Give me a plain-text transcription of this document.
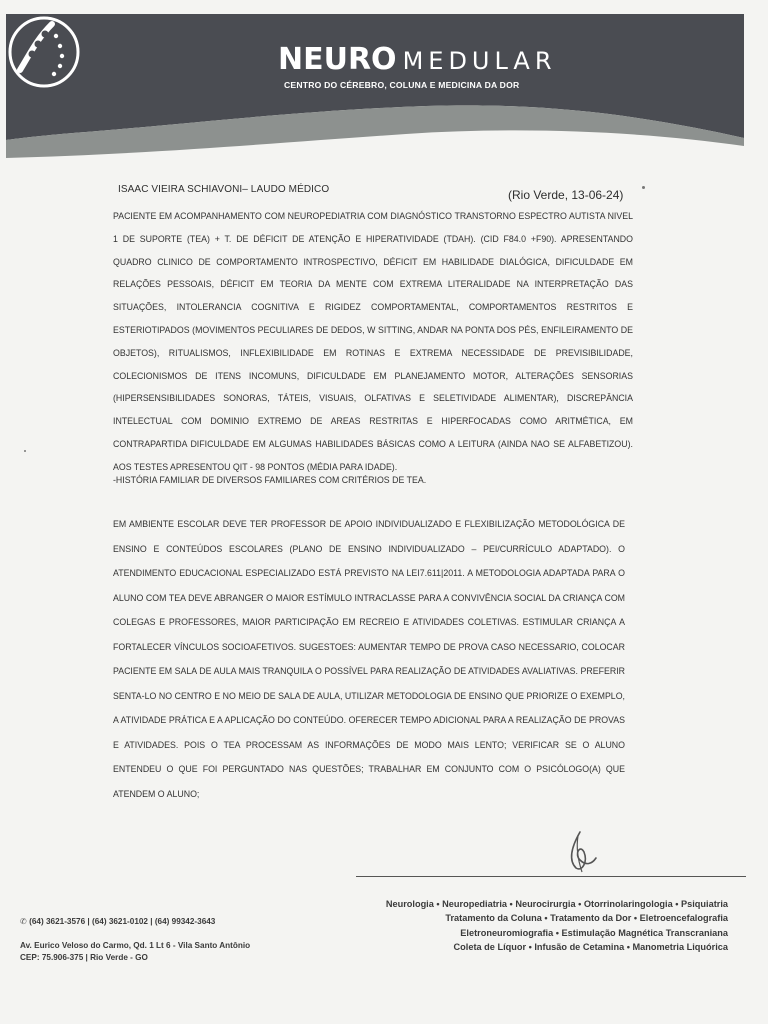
NEURO MEDULAR
CENTRO DO CÉREBRO, COLUNA E MEDICINA DA DOR
ISAAC VIEIRA SCHIAVONI– LAUDO MÉDICO	(Rio Verde, 13-06-24)
PACIENTE EM ACOMPANHAMENTO COM NEUROPEDIATRIA COM DIAGNÓSTICO TRANSTORNO ESPECTRO AUTISTA NIVEL 1 DE SUPORTE (TEA) + T. DE DÉFICIT DE ATENÇÃO E HIPERATIVIDADE (TDAH). (CID F84.0 +F90). APRESENTANDO QUADRO CLINICO DE COMPORTAMENTO INTROSPECTIVO, DÉFICIT EM HABILIDADE DIALÓGICA, DIFICULDADE EM RELAÇÕES PESSOAIS, DÉFICIT EM TEORIA DA MENTE COM EXTREMA LITERALIDADE NA INTERPRETAÇÃO DAS SITUAÇÕES, INTOLERANCIA COGNITIVA E RIGIDEZ COMPORTAMENTAL, COMPORTAMENTOS RESTRITOS E ESTERIOTIPADOS (MOVIMENTOS PECULIARES DE DEDOS, W SITTING, ANDAR NA PONTA DOS PÉS, ENFILEIRAMENTO DE OBJETOS), RITUALISMOS, INFLEXIBILIDADE EM ROTINAS E EXTREMA NECESSIDADE DE PREVISIBILIDADE, COLECIONISMOS DE ITENS INCOMUNS, DIFICULDADE EM PLANEJAMENTO MOTOR, ALTERAÇÕES SENSORIAS (HIPERSENSIBILIDADES SONORAS, TÁTEIS, VISUAIS, OLFATIVAS E SELETIVIDADE ALIMENTAR), DISCREPÂNCIA INTELECTUAL COM DOMINIO EXTREMO DE AREAS RESTRITAS E HIPERFOCADAS COMO ARITMÉTICA, EM CONTRAPARTIDA DIFICULDADE EM ALGUMAS HABILIDADES BÁSICAS COMO A LEITURA (AINDA NAO SE ALFABETIZOU). AOS TESTES APRESENTOU QIT - 98 PONTOS (MÉDIA PARA IDADE).
-HISTÓRIA FAMILIAR DE DIVERSOS FAMILIARES COM CRITÉRIOS DE TEA.
EM AMBIENTE ESCOLAR DEVE TER PROFESSOR DE APOIO INDIVIDUALIZADO E FLEXIBILIZAÇÃO METODOLÓGICA DE ENSINO E CONTEÚDOS ESCOLARES (PLANO DE ENSINO INDIVIDUALIZADO – PEI/CURRÍCULO ADAPTADO). O ATENDIMENTO EDUCACIONAL ESPECIALIZADO ESTÁ PREVISTO NA LEI7.611|2011. A METODOLOGIA ADAPTADA PARA O ALUNO COM TEA DEVE ABRANGER O MAIOR ESTÍMULO INTRACLASSE PARA A CONVIVÊNCIA SOCIAL DA CRIANÇA COM COLEGAS E PROFESSORES, MAIOR PARTICIPAÇÃO EM RECREIO E ATIVIDADES COLETIVAS. ESTIMULAR CRIANÇA A FORTALECER VÍNCULOS SOCIOAFETIVOS. SUGESTOES: AUMENTAR TEMPO DE PROVA CASO NECESSARIO, COLOCAR PACIENTE EM SALA DE AULA MAIS TRANQUILA O POSSÍVEL PARA REALIZAÇÃO DE ATIVIDADES AVALIATIVAS. PREFERIR SENTA-LO NO CENTRO E NO MEIO DE SALA DE AULA, UTILIZAR METODOLOGIA DE ENSINO QUE PRIORIZE O EXEMPLO, A ATIVIDADE PRÁTICA E A APLICAÇÃO DO CONTEÚDO. OFERECER TEMPO ADICIONAL PARA A REALIZAÇÃO DE PROVAS E ATIVIDADES. POIS O TEA PROCESSAM AS INFORMAÇÕES DE MODO MAIS LENTO; VERIFICAR SE O ALUNO ENTENDEU O QUE FOI PERGUNTADO NAS QUESTÕES; TRABALHAR EM CONJUNTO COM O PSICÓLOGO(A) QUE ATENDEM O ALUNO;
✆ (64) 3621-3576 | (64) 3621-0102 | (64) 99342-3643
Av. Eurico Veloso do Carmo, Qd. 1 Lt 6 - Vila Santo Antônio
CEP: 75.906-375 | Rio Verde - GO
Neurologia • Neuropediatria • Neurocirurgia • Otorrinolaringologia • Psiquiatria
Tratamento da Coluna • Tratamento da Dor • Eletroencefalografia
Eletroneuromiografia • Estimulação Magnética Transcraniana
Coleta de Líquor • Infusão de Cetamina • Manometria Liquórica
